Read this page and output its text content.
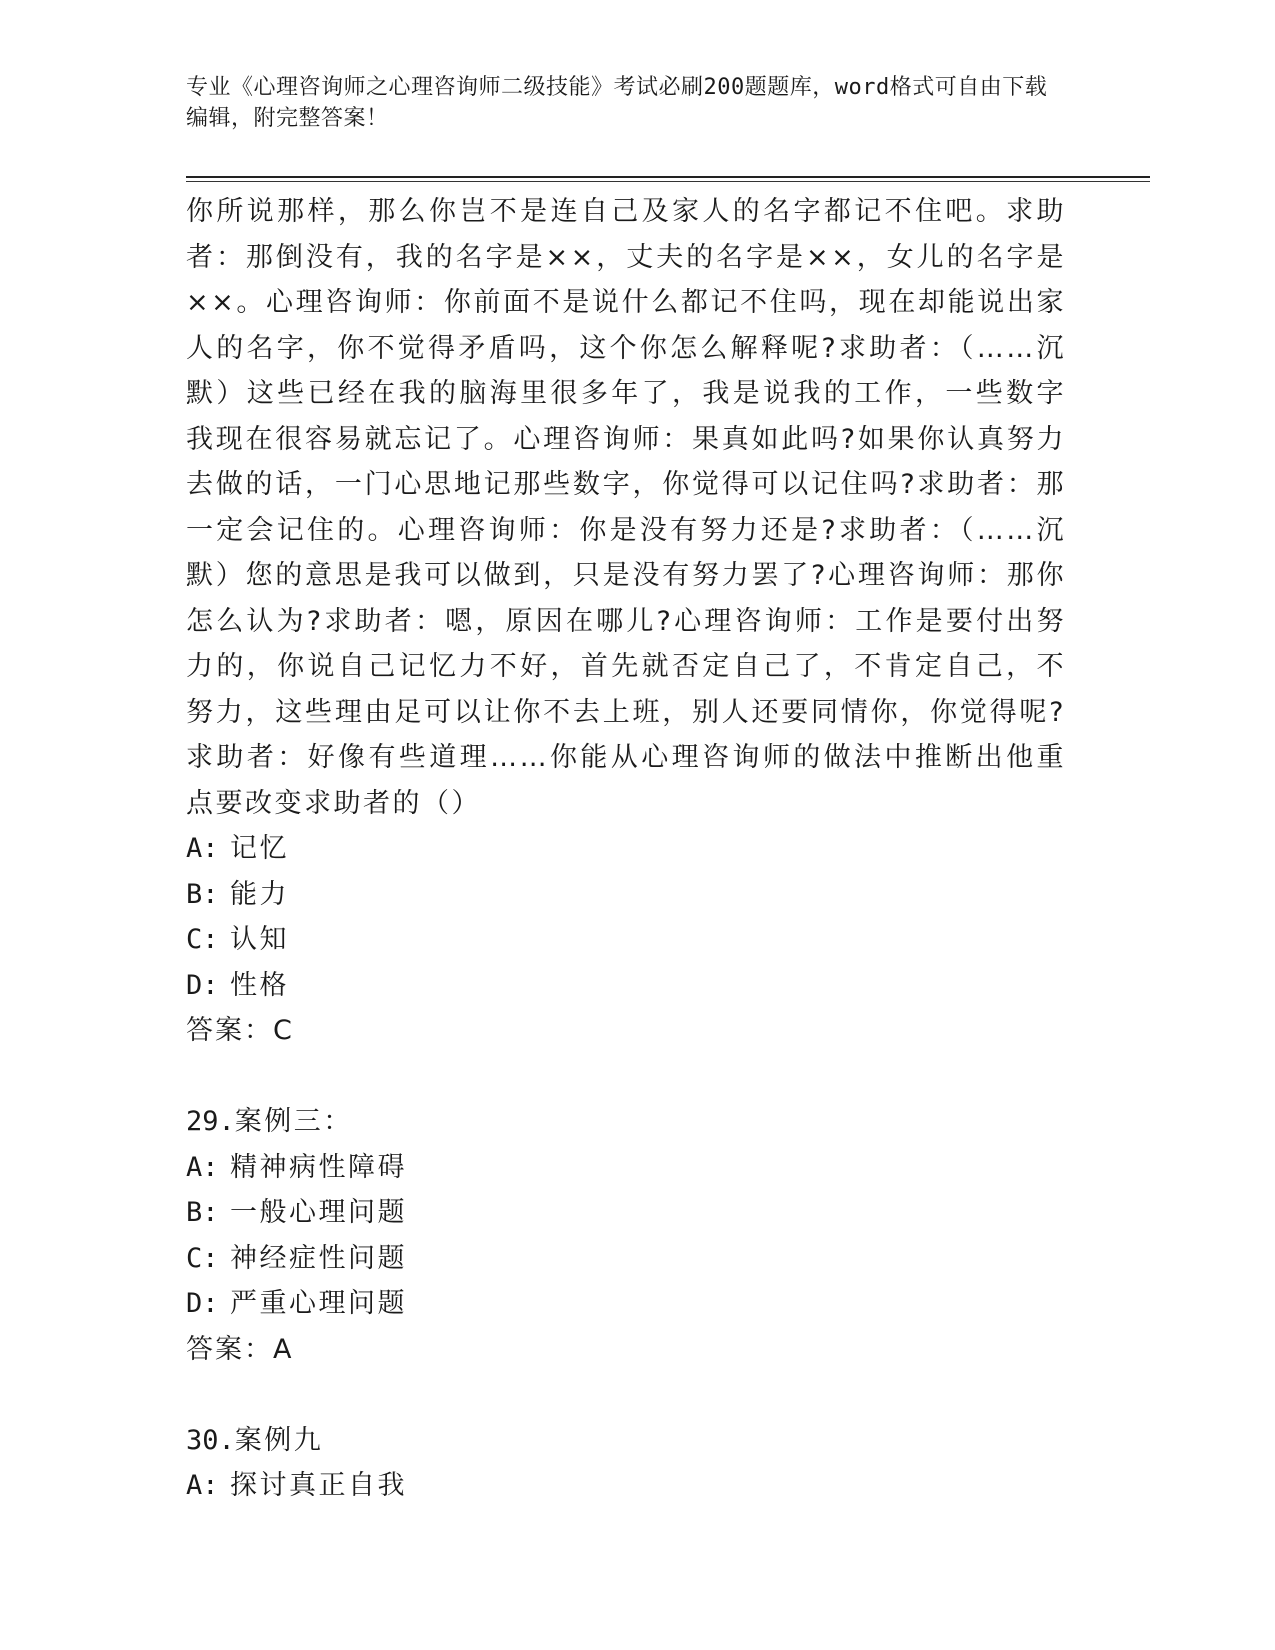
专业《心理咨询师之心理咨询师二级技能》考试必刷200题题库，word格式可自由下载编辑，附完整答案！

你所说那样，那么你岂不是连自己及家人的名字都记不住吧。求助者：那倒没有，我的名字是××，丈夫的名字是××，女儿的名字是××。心理咨询师：你前面不是说什么都记不住吗，现在却能说出家人的名字，你不觉得矛盾吗，这个你怎么解释呢?求助者：（……沉默）这些已经在我的脑海里很多年了，我是说我的工作，一些数字我现在很容易就忘记了。心理咨询师：果真如此吗?如果你认真努力去做的话，一门心思地记那些数字，你觉得可以记住吗?求助者：那一定会记住的。心理咨询师：你是没有努力还是?求助者：（……沉默）您的意思是我可以做到，只是没有努力罢了?心理咨询师：那你怎么认为?求助者：嗯，原因在哪儿?心理咨询师：工作是要付出努力的，你说自己记忆力不好，首先就否定自己了，不肯定自己，不努力，这些理由足可以让你不去上班，别人还要同情你，你觉得呢?求助者：好像有些道理……你能从心理咨询师的做法中推断出他重点要改变求助者的（）

A: 记忆

B: 能力

C: 认知

D: 性格

答案：C

29.案例三：

A: 精神病性障碍

B: 一般心理问题

C: 神经症性问题

D: 严重心理问题

答案：A

30.案例九

A: 探讨真正自我
